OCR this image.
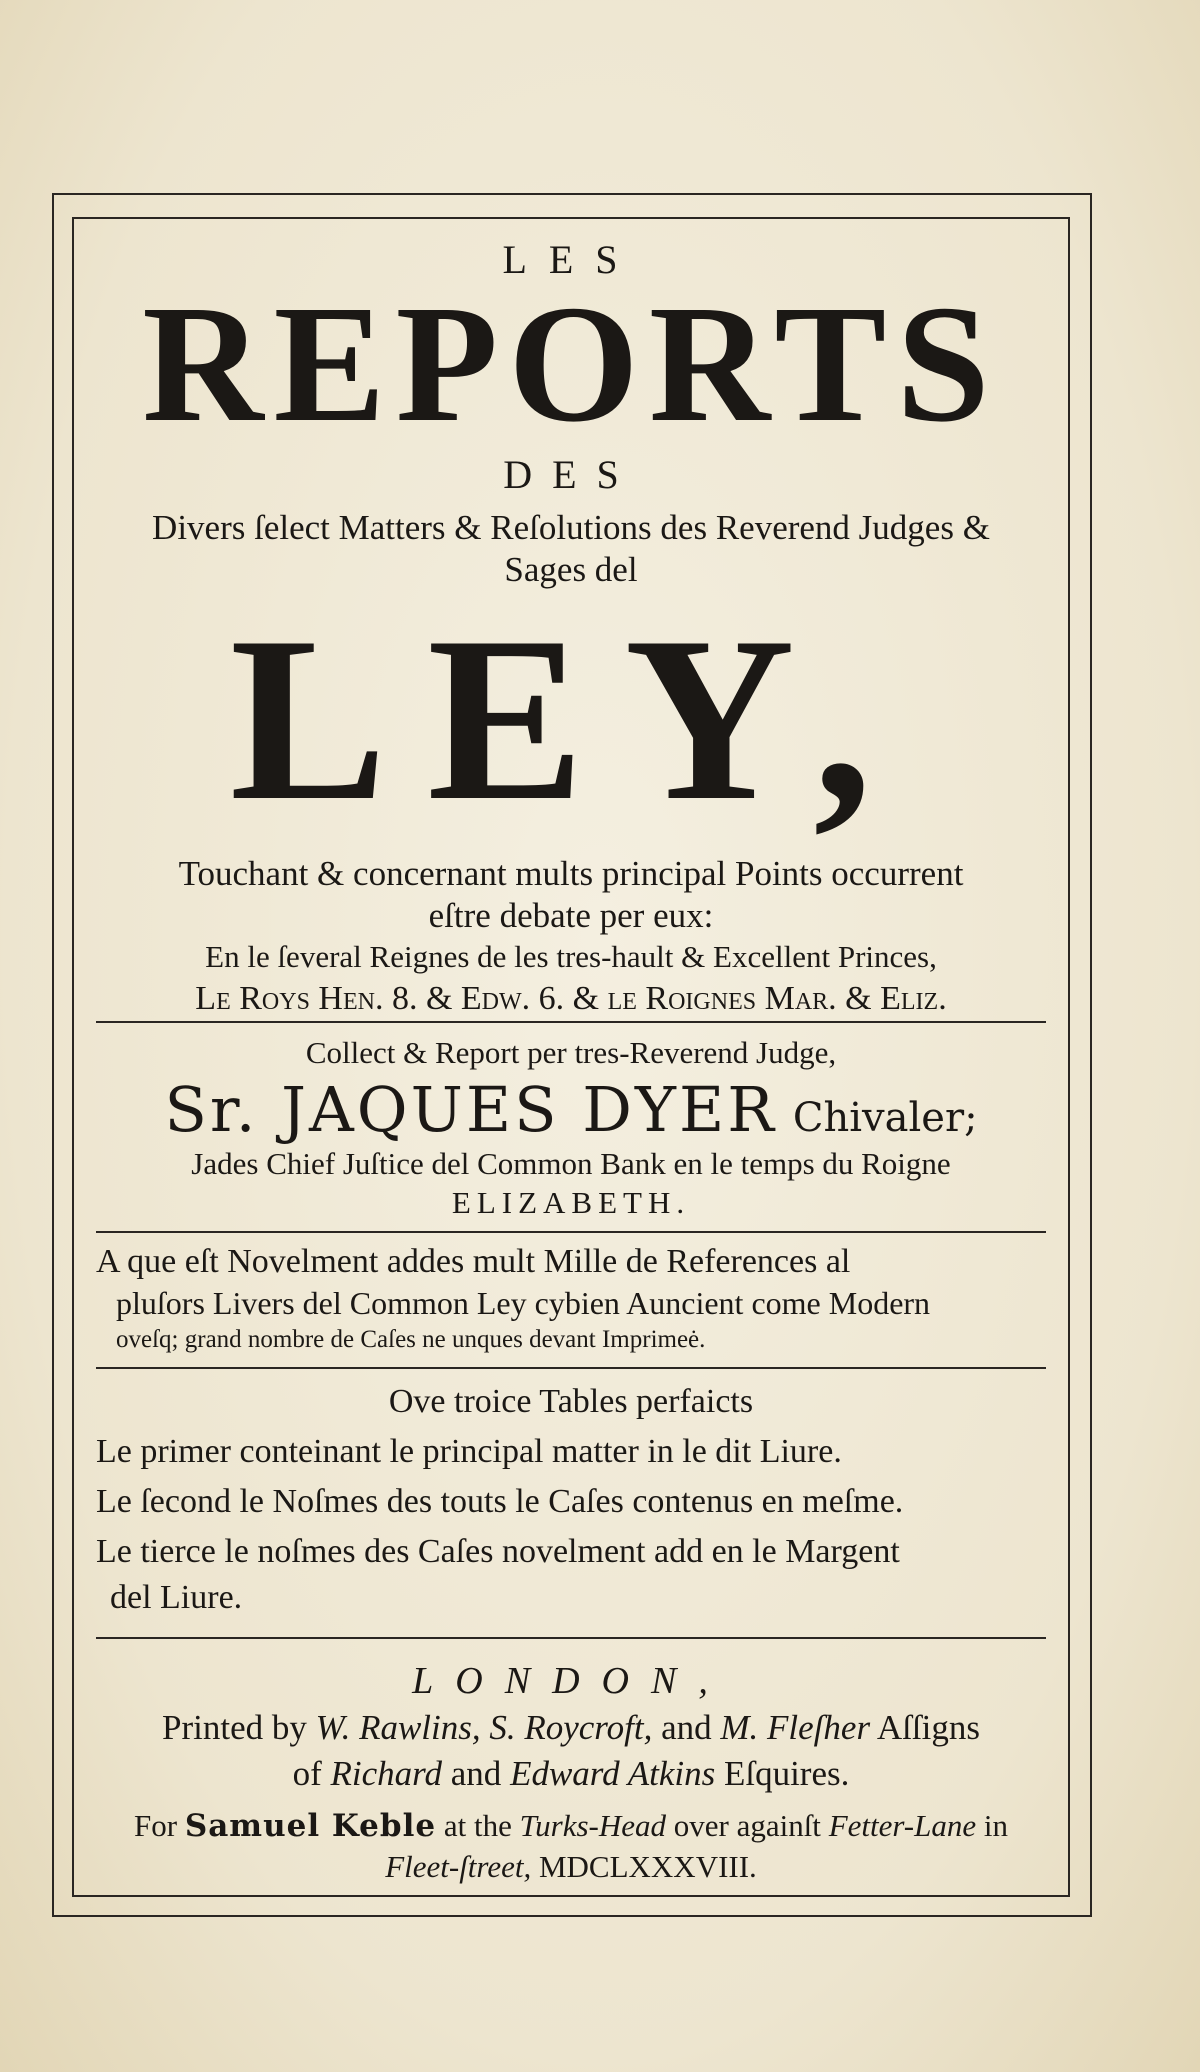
LES
REPORTS
DES
Divers ſelect Matters & Reſolutions des Reverend Judges &
Sages del
LEY,
Touchant & concernant mults principal Points occurrent
eſtre debate per eux:
En le ſeveral Reignes de les tres-hault & Excellent Princes,
Le Roys Hen. 8. & Edw. 6. & le Roignes Mar. & Eliz.
Collect & Report per tres-Reverend Judge,
Sr. JAQUES DYER Chivaler;
Jades Chief Juſtice del Common Bank en le temps du Roigne
ELIZABETH.
A que eſt Novelment addes mult Mille de References al
pluſors Livers del Common Ley cybien Auncient come Modern
oveſq; grand nombre de Caſes ne unques devant Imprimeė.
Ove troice Tables perfaicts
Le primer conteinant le principal matter in le dit Liure.
Le ſecond le Noſmes des touts le Caſes contenus en meſme.
Le tierce le noſmes des Caſes novelment add en le Margent
del Liure.
LONDON,
Printed by W. Rawlins, S. Roycroft, and M. Fleſher Aſſigns
of Richard and Edward Atkins Eſquires.
For Samuel Keble at the Turks-Head over againſt Fetter-Lane in
Fleet-ſtreet, MDCLXXXVIII.
